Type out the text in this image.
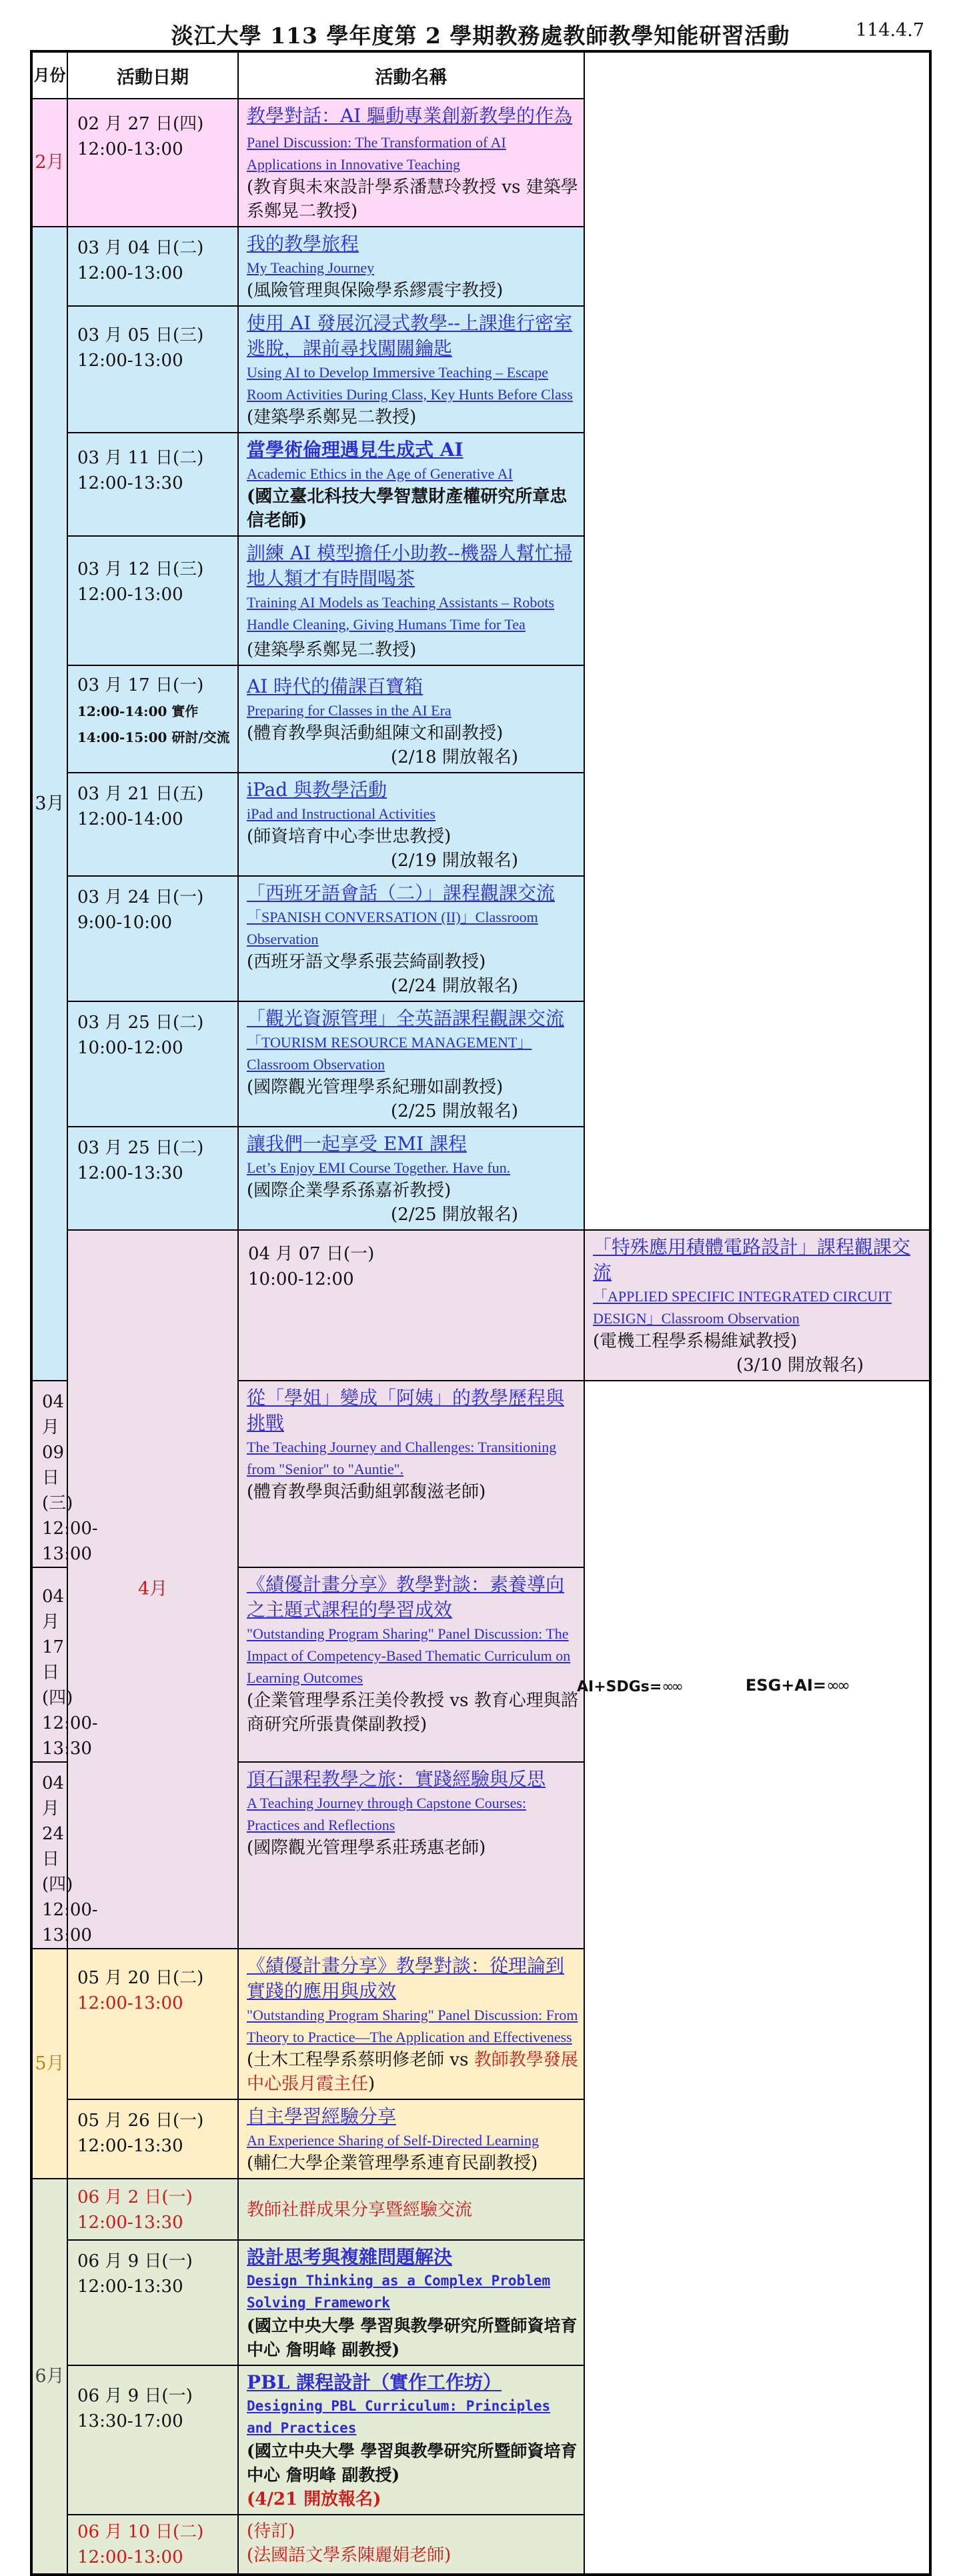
淡江大學 113 學年度第 2 學期教務處教師教學知能研習活動	114.4.7
月份	活動日期	活動名稱	
2月	02 月 27 日(四)
12:00-13:00	教學對話：AI 驅動專業創新教學的作為
Panel Discussion: The Transformation of AI Applications in Innovative Teaching
(教育與未來設計學系潘慧玲教授 vs 建築學系鄭晃二教授)	

3月	03 月 04 日(二)
12:00-13:00	我的教學旅程
My Teaching Journey
(風險管理與保險學系繆震宇教授)	

	03 月 05 日(三)
12:00-13:00	使用 AI 發展沉浸式教學--上課進行密室逃脫，課前尋找闖關鑰匙
Using AI to Develop Immersive Teaching – Escape Room Activities During Class, Key Hunts Before Class
(建築學系鄭晃二教授)	

	03 月 11 日(二)
12:00-13:30	當學術倫理遇見生成式 AI
Academic Ethics in the Age of Generative AI
(國立臺北科技大學智慧財產權研究所章忠信老師)	

	03 月 12 日(三)
12:00-13:00	訓練 AI 模型擔任小助教--機器人幫忙掃地人類才有時間喝茶
Training AI Models as Teaching Assistants – Robots Handle Cleaning, Giving Humans Time for Tea
(建築學系鄭晃二教授)	

	03 月 17 日(一)
12:00-14:00 實作
14:00-15:00 研討/交流	AI 時代的備課百寶箱
Preparing for Classes in the AI Era
(體育教學與活動組陳文和副教授)
(2/18 開放報名)	

	03 月 21 日(五)
12:00-14:00	iPad 與教學活動
iPad and Instructional Activities
(師資培育中心李世忠教授)
(2/19 開放報名)	

	03 月 24 日(一)
9:00-10:00	「西班牙語會話（二）」課程觀課交流
「SPANISH CONVERSATION (II)」Classroom Observation
(西班牙語文學系張芸綺副教授)
(2/24 開放報名)	

	03 月 25 日(二)
10:00-12:00	「觀光資源管理」全英語課程觀課交流
「TOURISM RESOURCE MANAGEMENT」Classroom Observation
(國際觀光管理學系紀珊如副教授)
(2/25 開放報名)	

	03 月 25 日(二)
12:00-13:30	讓我們一起享受 EMI 課程
Let’s Enjoy EMI Course Together. Have fun.
(國際企業學系孫嘉祈教授)
(2/25 開放報名)	

	4月	04 月 07 日(一)
10:00-12:00	「特殊應用積體電路設計」課程觀課交流
「APPLIED SPECIFIC INTEGRATED CIRCUIT DESIGN」Classroom Observation
(電機工程學系楊維斌教授)
(3/10 開放報名)

04 月 09 日(三)
12:00-13:00		從「學姐」變成「阿姨」的教學歷程與挑戰
The Teaching Journey and Challenges: Transitioning from "Senior" to "Auntie".
(體育教學與活動組郭馥滋老師)	

04 月 17 日(四)
12:00-13:30		《績優計畫分享》教學對談：素養導向之主題式課程的學習成效
"Outstanding Program Sharing" Panel Discussion: The Impact of Competency-Based Thematic Curriculum on Learning Outcomes
(企業管理學系汪美伶教授 vs 教育心理與諮商研究所張貴傑副教授)	

04 月 24 日(四)
12:00-13:00		頂石課程教學之旅：實踐經驗與反思
A Teaching Journey through Capstone Courses: Practices and Reflections
(國際觀光管理學系莊琇惠老師)	

5月	05 月 20 日(二)
12:00-13:00	《績優計畫分享》教學對談：從理論到實踐的應用與成效
"Outstanding Program Sharing" Panel Discussion: From Theory to Practice—The Application and Effectiveness
(土木工程學系蔡明修老師 vs 教師教學發展中心張月霞主任)	

	05 月 26 日(一)
12:00-13:30	自主學習經驗分享
An Experience Sharing of Self-Directed Learning
(輔仁大學企業管理學系連育民副教授)	

6月	06 月 2 日(一)
12:00-13:30	教師社群成果分享暨經驗交流	

	06 月 9 日(一)
12:00-13:30	設計思考與複雜問題解決
Design Thinking as a Complex Problem Solving Framework
(國立中央大學 學習與教學研究所暨師資培育中心 詹明峰 副教授)	

	06 月 9 日(一)
13:30-17:00	PBL 課程設計（實作工作坊）
Designing PBL Curriculum: Principles and Practices
(國立中央大學 學習與教學研究所暨師資培育中心 詹明峰 副教授)
(4/21 開放報名)	

	06 月 10 日(二)
12:00-13:00	(待訂)
(法國語文學系陳麗娟老師)	
AI+SDGs=∞∞	ESG+AI=∞∞
